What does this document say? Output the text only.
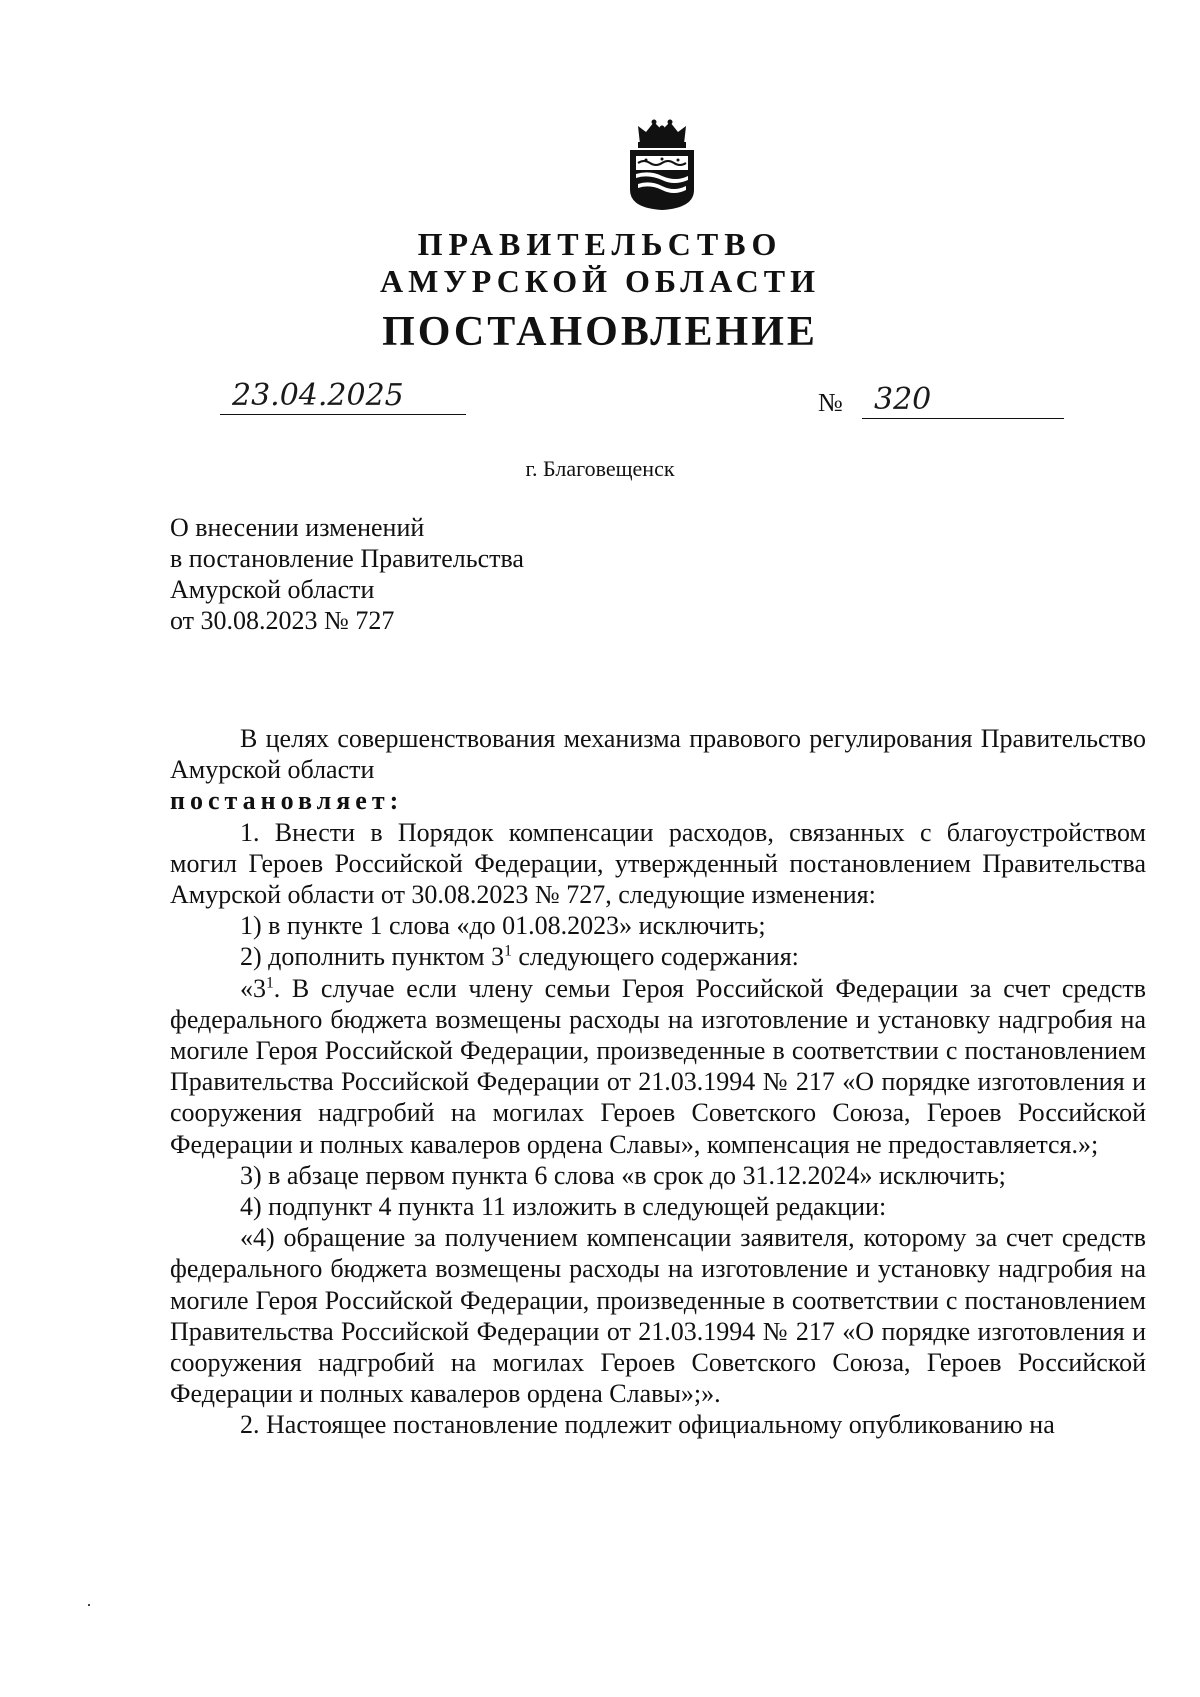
ПРАВИТЕЛЬСТВО
АМУРСКОЙ ОБЛАСТИ
ПОСТАНОВЛЕНИЕ
23.04.2025	№ 320
г. Благовещенск
О внесении изменений
в постановление Правительства
Амурской области
от 30.08.2023 № 727

В целях совершенствования механизма правового регулирования Правительство Амурской области

постановляет:

1. Внести в Порядок компенсации расходов, связанных с благоустройством могил Героев Российской Федерации, утвержденный постановлением Правительства Амурской области от 30.08.2023 № 727, следующие изменения:

1) в пункте 1 слова «до 01.08.2023» исключить;

2) дополнить пунктом $3^1$ следующего содержания:

«$3^1$. В случае если члену семьи Героя Российской Федерации за счет средств федерального бюджета возмещены расходы на изготовление и установку надгробия на могиле Героя Российской Федерации, произведенные в соответствии с постановлением Правительства Российской Федерации от 21.03.1994 № 217 «О порядке изготовления и сооружения надгробий на могилах Героев Советского Союза, Героев Российской Федерации и полных кавалеров ордена Славы», компенсация не предоставляется.»;

3) в абзаце первом пункта 6 слова «в срок до 31.12.2024» исключить;

4) подпункт 4 пункта 11 изложить в следующей редакции:

«4) обращение за получением компенсации заявителя, которому за счет средств федерального бюджета возмещены расходы на изготовление и установку надгробия на могиле Героя Российской Федерации, произведенные в соответствии с постановлением Правительства Российской Федерации от 21.03.1994 № 217 «О порядке изготовления и сооружения надгробий на могилах Героев Советского Союза, Героев Российской Федерации и полных кавалеров ордена Славы»;».

2. Настоящее постановление подлежит официальному опубликованию на
